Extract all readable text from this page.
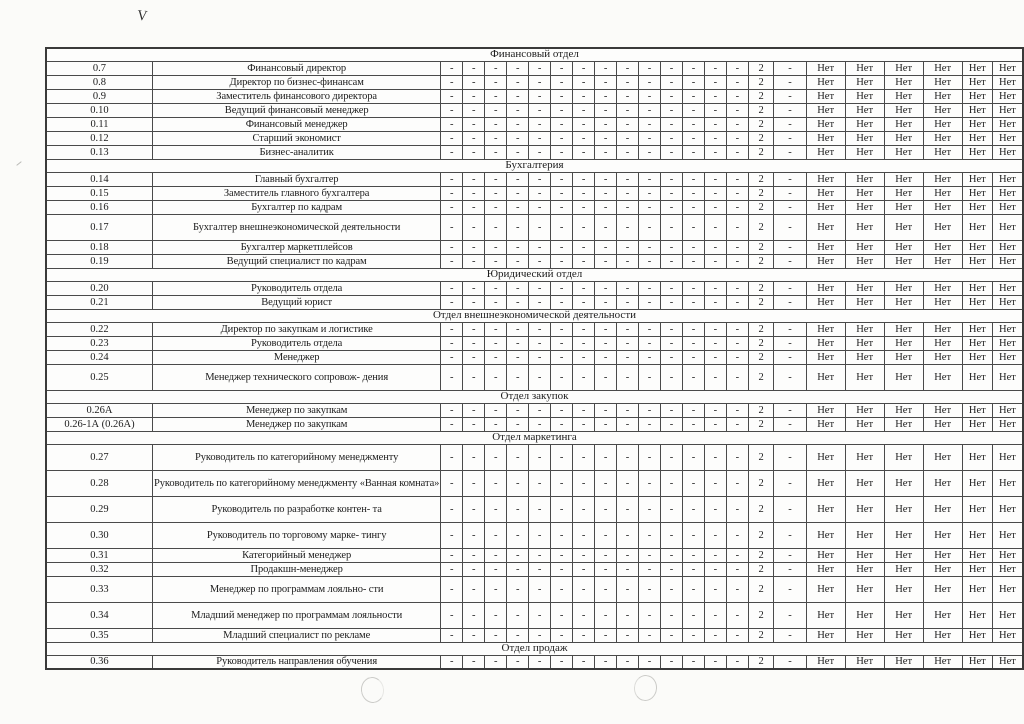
V
Финансовый отдел																							
0.7	Финансовый директор	-	-	-	-	-	-	-	-	-	-	-	-	-	-	2	-	Нет	Нет	Нет	Нет	Нет	Нет
0.8	Директор по бизнес-финансам	-	-	-	-	-	-	-	-	-	-	-	-	-	-	2	-	Нет	Нет	Нет	Нет	Нет	Нет
0.9	Заместитель финансового директора	-	-	-	-	-	-	-	-	-	-	-	-	-	-	2	-	Нет	Нет	Нет	Нет	Нет	Нет
0.10	Ведущий финансовый менеджер	-	-	-	-	-	-	-	-	-	-	-	-	-	-	2	-	Нет	Нет	Нет	Нет	Нет	Нет
0.11	Финансовый менеджер	-	-	-	-	-	-	-	-	-	-	-	-	-	-	2	-	Нет	Нет	Нет	Нет	Нет	Нет
0.12	Старший экономист	-	-	-	-	-	-	-	-	-	-	-	-	-	-	2	-	Нет	Нет	Нет	Нет	Нет	Нет
0.13	Бизнес-аналитик	-	-	-	-	-	-	-	-	-	-	-	-	-	-	2	-	Нет	Нет	Нет	Нет	Нет	Нет
Бухгалтерия																							
0.14	Главный бухгалтер	-	-	-	-	-	-	-	-	-	-	-	-	-	-	2	-	Нет	Нет	Нет	Нет	Нет	Нет
0.15	Заместитель главного бухгалтера	-	-	-	-	-	-	-	-	-	-	-	-	-	-	2	-	Нет	Нет	Нет	Нет	Нет	Нет
0.16	Бухгалтер по кадрам	-	-	-	-	-	-	-	-	-	-	-	-	-	-	2	-	Нет	Нет	Нет	Нет	Нет	Нет
0.17	Бухгалтер внешнеэкономической деятельности	-	-	-	-	-	-	-	-	-	-	-	-	-	-	2	-	Нет	Нет	Нет	Нет	Нет	Нет
0.18	Бухгалтер маркетплейсов	-	-	-	-	-	-	-	-	-	-	-	-	-	-	2	-	Нет	Нет	Нет	Нет	Нет	Нет
0.19	Ведущий специалист по кадрам	-	-	-	-	-	-	-	-	-	-	-	-	-	-	2	-	Нет	Нет	Нет	Нет	Нет	Нет
Юридический отдел																							
0.20	Руководитель отдела	-	-	-	-	-	-	-	-	-	-	-	-	-	-	2	-	Нет	Нет	Нет	Нет	Нет	Нет
0.21	Ведущий юрист	-	-	-	-	-	-	-	-	-	-	-	-	-	-	2	-	Нет	Нет	Нет	Нет	Нет	Нет
Отдел внешнеэкономической деятельности																							
0.22	Директор по закупкам и логистике	-	-	-	-	-	-	-	-	-	-	-	-	-	-	2	-	Нет	Нет	Нет	Нет	Нет	Нет
0.23	Руководитель отдела	-	-	-	-	-	-	-	-	-	-	-	-	-	-	2	-	Нет	Нет	Нет	Нет	Нет	Нет
0.24	Менеджер	-	-	-	-	-	-	-	-	-	-	-	-	-	-	2	-	Нет	Нет	Нет	Нет	Нет	Нет
0.25	Менеджер технического сопровож- дения	-	-	-	-	-	-	-	-	-	-	-	-	-	-	2	-	Нет	Нет	Нет	Нет	Нет	Нет
Отдел закупок																							
0.26А	Менеджер по закупкам	-	-	-	-	-	-	-	-	-	-	-	-	-	-	2	-	Нет	Нет	Нет	Нет	Нет	Нет
0.26-1А (0.26А)	Менеджер по закупкам	-	-	-	-	-	-	-	-	-	-	-	-	-	-	2	-	Нет	Нет	Нет	Нет	Нет	Нет
Отдел маркетинга																							
0.27	Руководитель по категорийному менеджменту	-	-	-	-	-	-	-	-	-	-	-	-	-	-	2	-	Нет	Нет	Нет	Нет	Нет	Нет
0.28	Руководитель по категорийному менеджменту «Ванная комната»	-	-	-	-	-	-	-	-	-	-	-	-	-	-	2	-	Нет	Нет	Нет	Нет	Нет	Нет
0.29	Руководитель по разработке контен- та	-	-	-	-	-	-	-	-	-	-	-	-	-	-	2	-	Нет	Нет	Нет	Нет	Нет	Нет
0.30	Руководитель по торговому марке- тингу	-	-	-	-	-	-	-	-	-	-	-	-	-	-	2	-	Нет	Нет	Нет	Нет	Нет	Нет
0.31	Категорийный менеджер	-	-	-	-	-	-	-	-	-	-	-	-	-	-	2	-	Нет	Нет	Нет	Нет	Нет	Нет
0.32	Продакшн-менеджер	-	-	-	-	-	-	-	-	-	-	-	-	-	-	2	-	Нет	Нет	Нет	Нет	Нет	Нет
0.33	Менеджер по программам лояльно- сти	-	-	-	-	-	-	-	-	-	-	-	-	-	-	2	-	Нет	Нет	Нет	Нет	Нет	Нет
0.34	Младший менеджер по программам лояльности	-	-	-	-	-	-	-	-	-	-	-	-	-	-	2	-	Нет	Нет	Нет	Нет	Нет	Нет
0.35	Младший специалист по рекламе	-	-	-	-	-	-	-	-	-	-	-	-	-	-	2	-	Нет	Нет	Нет	Нет	Нет	Нет
Отдел продаж																							
0.36	Руководитель направления обучения	-	-	-	-	-	-	-	-	-	-	-	-	-	-	2	-	Нет	Нет	Нет	Нет	Нет	Нет
